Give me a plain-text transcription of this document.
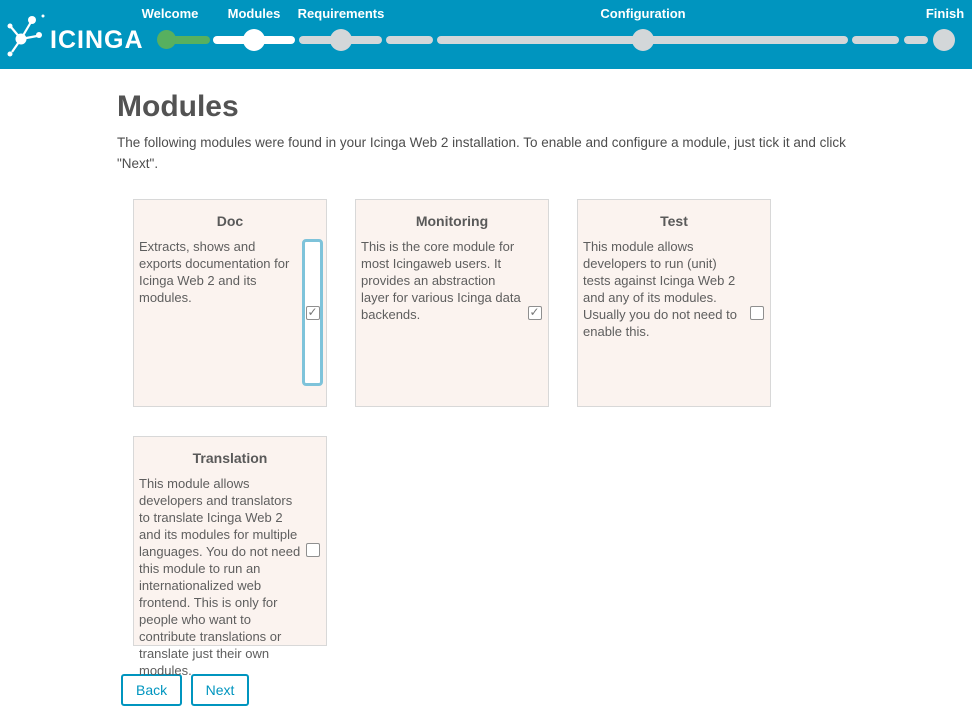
ICINGA
Welcome Modules Requirements	Configuration	Finish
Modules

The following modules were found in your Icinga Web 2 installation. To enable and configure a module, just tick it and click "Next".

Doc
Extracts, shows and exports documentation for Icinga Web 2 and its modules.
Monitoring
This is the core module for most Icingaweb users. It provides an abstraction layer for various Icinga data backends.
Test
This module allows developers to run (unit) tests against Icinga Web 2 and any of its modules. Usually you do not need to enable this.
Translation
This module allows developers and translators to translate Icinga Web 2 and its modules for multiple languages. You do not need this module to run an internationalized web frontend. This is only for people who want to contribute translations or translate just their own modules.
Back	Next
